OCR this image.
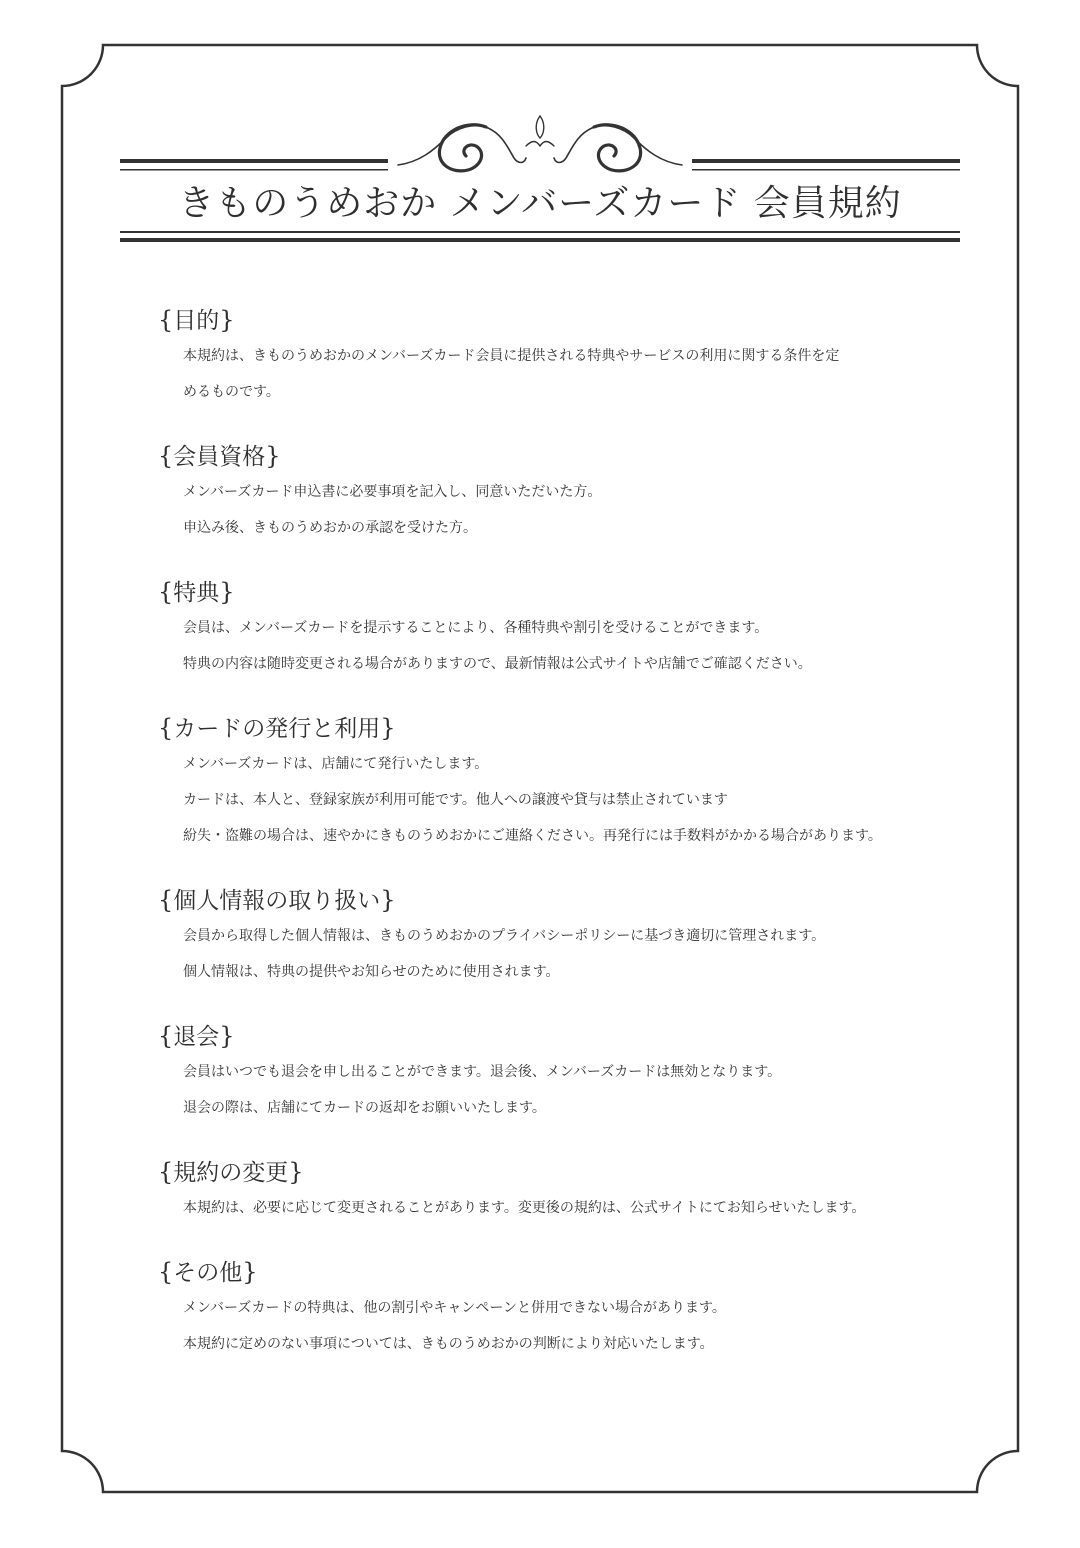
きものうめおか メンバーズカード 会員規約
{目的}
本規約は、きものうめおかのメンバーズカード会員に提供される特典やサービスの利用に関する条件を定
めるものです。
{会員資格}
メンバーズカード申込書に必要事項を記入し、同意いただいた方。
申込み後、きものうめおかの承認を受けた方。
{特典}
会員は、メンバーズカードを提示することにより、各種特典や割引を受けることができます。
特典の内容は随時変更される場合がありますので、最新情報は公式サイトや店舗でご確認ください。
{カードの発行と利用}
メンバーズカードは、店舗にて発行いたします。
カードは、本人と、登録家族が利用可能です。他人への譲渡や貸与は禁止されています
紛失・盗難の場合は、速やかにきものうめおかにご連絡ください。再発行には手数料がかかる場合があります。
{個人情報の取り扱い}
会員から取得した個人情報は、きものうめおかのプライバシーポリシーに基づき適切に管理されます。
個人情報は、特典の提供やお知らせのために使用されます。
{退会}
会員はいつでも退会を申し出ることができます。退会後、メンバーズカードは無効となります。
退会の際は、店舗にてカードの返却をお願いいたします。
{規約の変更}
本規約は、必要に応じて変更されることがあります。変更後の規約は、公式サイトにてお知らせいたします。
{その他}
メンバーズカードの特典は、他の割引やキャンペーンと併用できない場合があります。
本規約に定めのない事項については、きものうめおかの判断により対応いたします。
